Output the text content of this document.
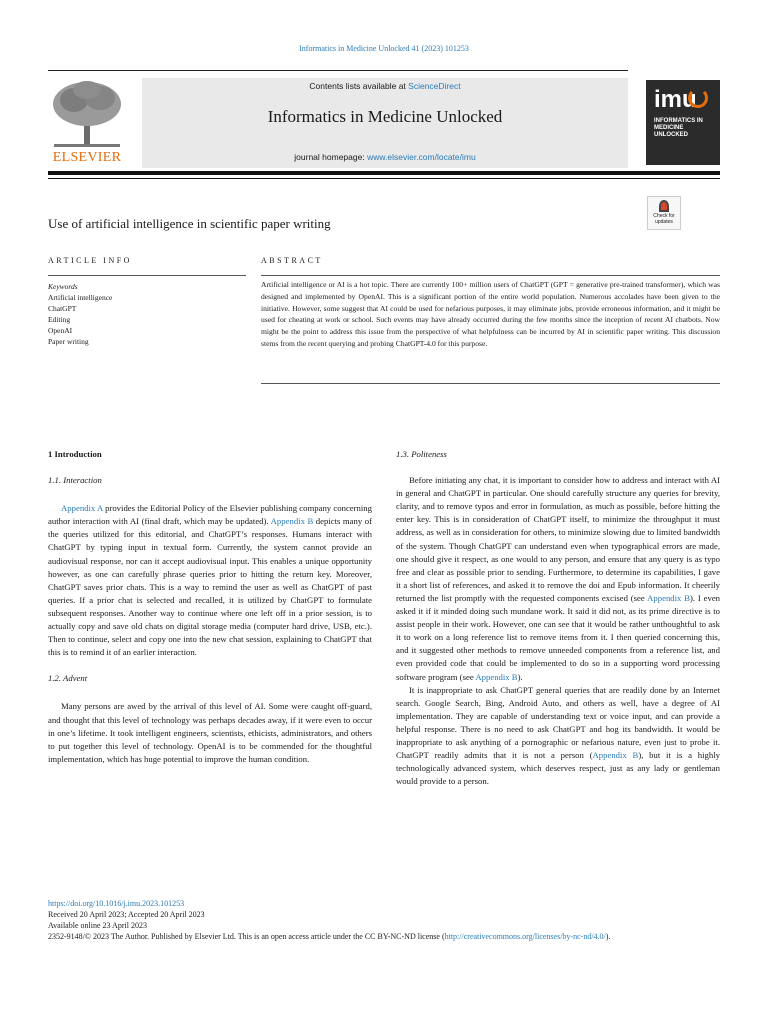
Informatics in Medicine Unlocked 41 (2023) 101253
ELSEVIER
Contents lists available at ScienceDirect
Informatics in Medicine Unlocked
journal homepage: www.elsevier.com/locate/imu
imu
INFORMATICS IN MEDICINE UNLOCKED
Use of artificial intelligence in scientific paper writing	Check for updates
ARTICLE INFO	ABSTRACT
Keywords
Artificial intelligence
ChatGPT
Editing
OpenAI
Paper writing
Artificial intelligence or AI is a hot topic. There are currently 100+ million users of ChatGPT (GPT = generative pre-trained transformer), which was designed and implemented by OpenAI. This is a significant portion of the entire world population. Numerous accolades have been given to the initiative. However, some suggest that AI could be used for nefarious purposes, it may eliminate jobs, provide erroneous information, and it might be used for cheating at work or school. Such events may have already occurred during the few months since the inception of recent AI chatbots. Now might be the point to address this issue from the perspective of what helpfulness can be incurred by AI in scientific paper writing. This discussion stems from the recent querying and probing ChatGPT-4.0 for this purpose.
1 Introduction
1.1. Interaction

Appendix A provides the Editorial Policy of the Elsevier publishing company concerning author interaction with AI (final draft, which may be updated). Appendix B depicts many of the queries utilized for this editorial, and ChatGPT’s responses. Humans interact with ChatGPT by typing input in textual form. Currently, the system cannot provide an audiovisual response, nor can it accept audiovisual input. This enables a unique opportunity however, as one can carefully phrase queries prior to hitting the return key. Moreover, ChatGPT saves prior chats. This is a way to remind the user as well as ChatGPT of past queries. If a prior chat is selected and recalled, it is utilized by ChatGPT to formulate subsequent responses. Another way to continue where one left off in a prior session, is to actually copy and save old chats on digital storage media (computer hard drive, USB, etc.). Then to continue, select and copy one into the new chat session, explaining to ChatGPT that this is to remind it of an earlier interaction.

1.2. Advent

Many persons are awed by the arrival of this level of AI. Some were caught off-guard, and thought that this level of technology was perhaps decades away, if it were even to occur in one’s lifetime. It took intelligent engineers, scientists, ethicists, administrators, and others to put together this level of technology. OpenAI is to be commended for the thoughtful implementation, which has huge potential to improve the human condition.

1.3. Politeness

Before initiating any chat, it is important to consider how to address and interact with AI in general and ChatGPT in particular. One should carefully structure any queries for brevity, clarity, and to remove typos and error in formulation, as much as possible, before hitting the enter key. This is in consideration of ChatGPT itself, to minimize the throughput it must address, as well as in consideration for others, to minimize slowing due to limited bandwidth of the system. Though ChatGPT can understand even when typographical errors are made, one should give it respect, as one would to any person, and ensure that any query is as typo free and clear as possible prior to sending. Furthermore, to determine its capabilities, I gave it a short list of references, and asked it to remove the doi and Epub information. It cheerily returned the list promptly with the requested components excised (see Appendix B). I even asked it if it minded doing such mundane work. It said it did not, as its prime directive is to assist people in their work. However, one can see that it would be rather unthoughtful to ask it to work on a long reference list to remove items from it. I then queried concerning this, and it suggested other methods to remove unneeded components from a reference list, and even provided code that could be implemented to do so in a supporting word processing software program (see Appendix B).

It is inappropriate to ask ChatGPT general queries that are readily done by an Internet search. Google Search, Bing, Android Auto, and others as well, have a degree of AI implementation. They are capable of understanding text or voice input, and can provide a helpful response. There is no need to ask ChatGPT and hog its bandwidth. It would be inappropriate to ask anything of a pornographic or nefarious nature, even just to probe it. ChatGPT readily admits that it is not a person (Appendix B), but it is a highly technologically advanced system, which deserves respect, just as any lady or gentleman would provide to a person.

https://doi.org/10.1016/j.imu.2023.101253
Received 20 April 2023; Accepted 20 April 2023
Available online 23 April 2023
2352-9148/© 2023 The Author. Published by Elsevier Ltd. This is an open access article under the CC BY-NC-ND license (http://creativecommons.org/licenses/by-nc-nd/4.0/).
